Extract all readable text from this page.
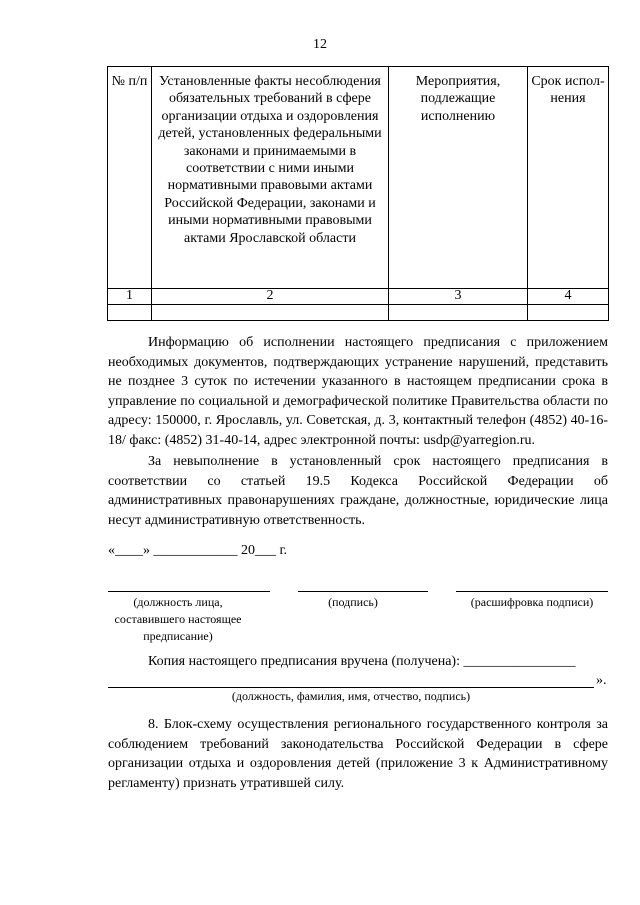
12
№ п/п	Установленные факты несоблюдения обязательных требований в сфере организации отдыха и оздоровления детей, установленных федеральными законами и принимаемыми в соответствии с ними иными нормативными правовыми актами Российской Федерации, законами и иными нормативными правовыми актами Ярославской области	Мероприятия, подлежащие исполнению	Срок испол-нения
1	2	3	4

Информацию об исполнении настоящего предписания с приложением необходимых документов, подтверждающих устранение нарушений, представить не позднее 3 суток по истечении указанного в настоящем предписании срока в управление по социальной и демографической политике Правительства области по адресу: 150000, г. Ярославль, ул. Советская, д. 3, контактный телефон (4852) 40-16-18/ факс: (4852) 31-40-14, адрес электронной почты: usdp@yarregion.ru.
За невыполнение в установленный срок настоящего предписания в соответствии со статьей 19.5 Кодекса Российской Федерации об административных правонарушениях граждане, должностные, юридические лица несут административную ответственность.
«____» ____________ 20___ г.
(должность лица, составившего настоящее предписание)
(подпись)	(расшифровка подписи)
Копия настоящего предписания вручена (получена): ________________
».
(должность, фамилия, имя, отчество, подпись)
8. Блок-схему осуществления регионального государственного контроля за соблюдением требований законодательства Российской Федерации в сфере организации отдыха и оздоровления детей (приложение 3 к Административному регламенту) признать утратившей силу.
